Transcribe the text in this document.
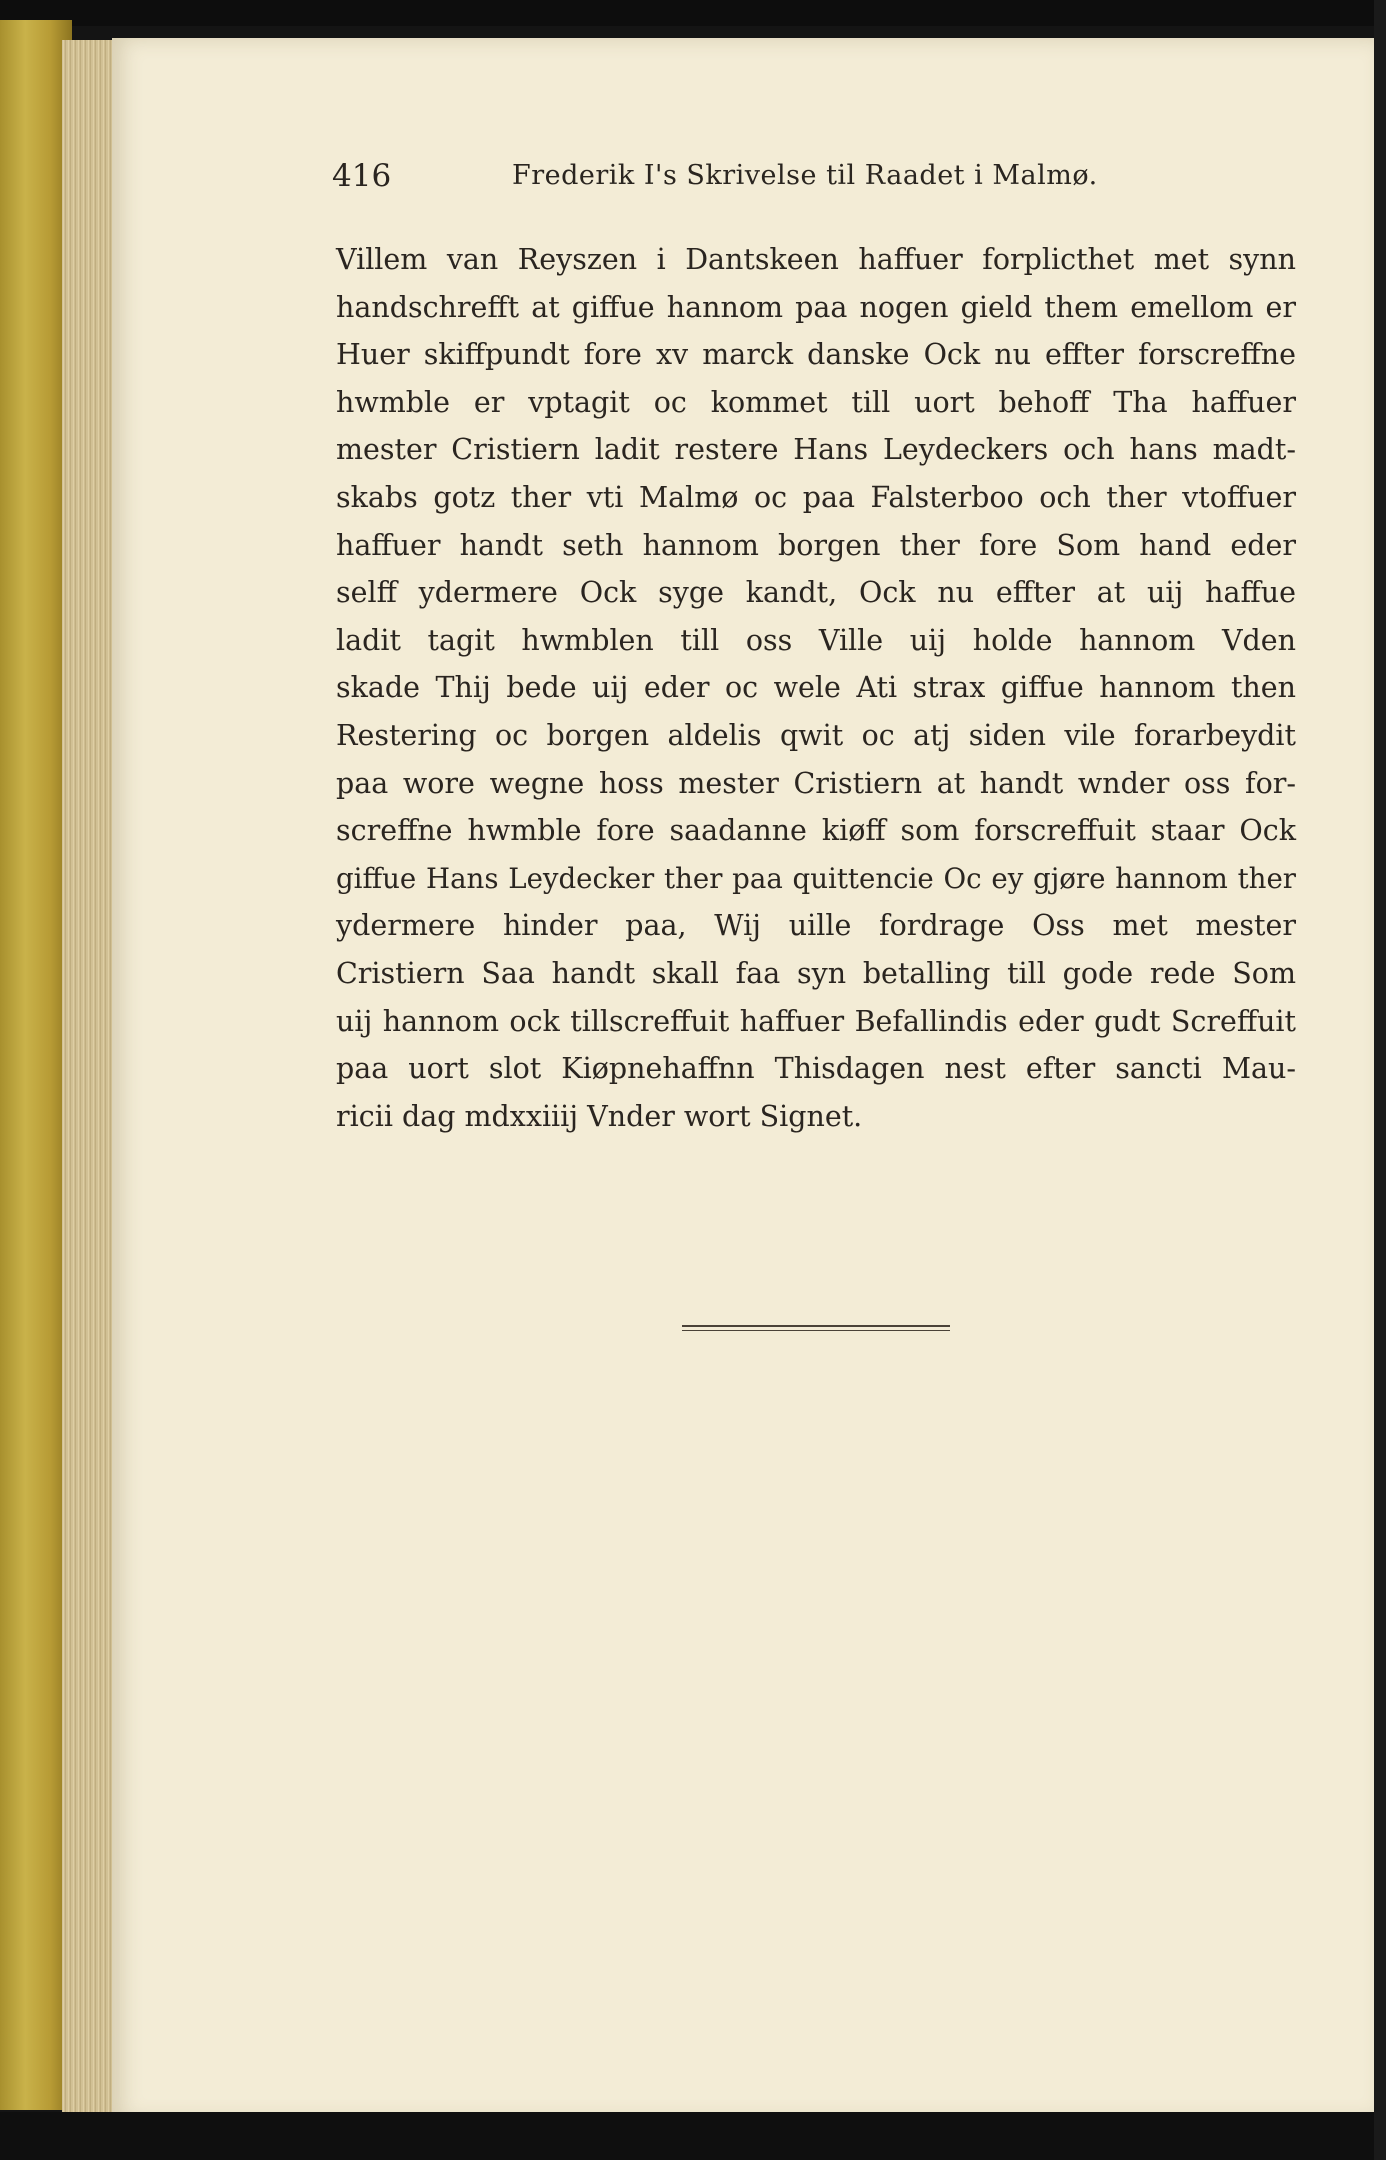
416	Frederik I's Skrivelse til Raadet i Malmø.
Villem van Reyszen i Dantskeen haffuer forplicthet met synn
handschrefft at giffue hannom paa nogen gield them emellom er
Huer skiffpundt fore xv marck danske Ock nu effter forscreffne
hwmble er vptagit oc kommet till uort behoff Tha haffuer
mester Cristiern ladit restere Hans Leydeckers och hans madt-
skabs gotz ther vti Malmø oc paa Falsterboo och ther vtoffuer
haffuer handt seth hannom borgen ther fore Som hand eder
selff ydermere Ock syge kandt, Ock nu effter at uij haffue
ladit tagit hwmblen till oss Ville uij holde hannom Vden
skade Thij bede uij eder oc wele Ati strax giffue hannom then
Restering oc borgen aldelis qwit oc atj siden vile forarbeydit
paa wore wegne hoss mester Cristiern at handt wnder oss for-
screffne hwmble fore saadanne kiøff som forscreffuit staar Ock
giffue Hans Leydecker ther paa quittencie Oc ey gjøre hannom ther
ydermere hinder paa, Wij uille fordrage Oss met mester
Cristiern Saa handt skall faa syn betalling till gode rede Som
uij hannom ock tillscreffuit haffuer Befallindis eder gudt Screffuit
paa uort slot Kiøpnehaffnn Thisdagen nest efter sancti Mau-
ricii dag mdxxiiij Vnder wort Signet.
